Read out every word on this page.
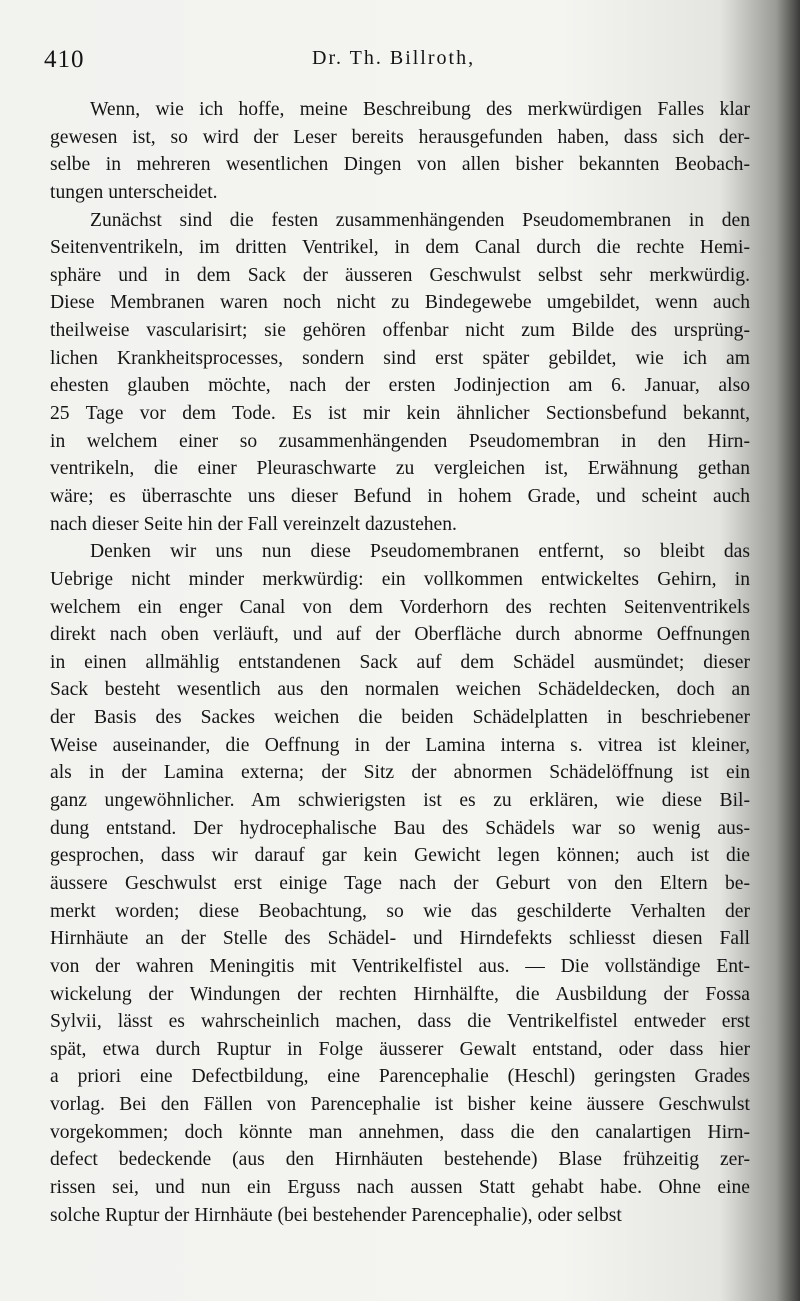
410	Dr. Th. Billroth,
Wenn, wie ich hoffe, meine Beschreibung des merkwürdigen Falles klar
gewesen ist, so wird der Leser bereits herausgefunden haben, dass sich der-
selbe in mehreren wesentlichen Dingen von allen bisher bekannten Beobach-
tungen unterscheidet.
Zunächst sind die festen zusammenhängenden Pseudomembranen in den
Seitenventrikeln, im dritten Ventrikel, in dem Canal durch die rechte Hemi-
sphäre und in dem Sack der äusseren Geschwulst selbst sehr merkwürdig.
Diese Membranen waren noch nicht zu Bindegewebe umgebildet, wenn auch
theilweise vascularisirt; sie gehören offenbar nicht zum Bilde des ursprüng-
lichen Krankheitsprocesses, sondern sind erst später gebildet, wie ich am
ehesten glauben möchte, nach der ersten Jodinjection am 6. Januar, also
25 Tage vor dem Tode. Es ist mir kein ähnlicher Sectionsbefund bekannt,
in welchem einer so zusammenhängenden Pseudomembran in den Hirn-
ventrikeln, die einer Pleuraschwarte zu vergleichen ist, Erwähnung gethan
wäre; es überraschte uns dieser Befund in hohem Grade, und scheint auch
nach dieser Seite hin der Fall vereinzelt dazustehen.
Denken wir uns nun diese Pseudomembranen entfernt, so bleibt das
Uebrige nicht minder merkwürdig: ein vollkommen entwickeltes Gehirn, in
welchem ein enger Canal von dem Vorderhorn des rechten Seitenventrikels
direkt nach oben verläuft, und auf der Oberfläche durch abnorme Oeffnungen
in einen allmählig entstandenen Sack auf dem Schädel ausmündet; dieser
Sack besteht wesentlich aus den normalen weichen Schädeldecken, doch an
der Basis des Sackes weichen die beiden Schädelplatten in beschriebener
Weise auseinander, die Oeffnung in der Lamina interna s. vitrea ist kleiner,
als in der Lamina externa; der Sitz der abnormen Schädelöffnung ist ein
ganz ungewöhnlicher. Am schwierigsten ist es zu erklären, wie diese Bil-
dung entstand. Der hydrocephalische Bau des Schädels war so wenig aus-
gesprochen, dass wir darauf gar kein Gewicht legen können; auch ist die
äussere Geschwulst erst einige Tage nach der Geburt von den Eltern be-
merkt worden; diese Beobachtung, so wie das geschilderte Verhalten der
Hirnhäute an der Stelle des Schädel- und Hirndefekts schliesst diesen Fall
von der wahren Meningitis mit Ventrikelfistel aus. — Die vollständige Ent-
wickelung der Windungen der rechten Hirnhälfte, die Ausbildung der Fossa
Sylvii, lässt es wahrscheinlich machen, dass die Ventrikelfistel entweder erst
spät, etwa durch Ruptur in Folge äusserer Gewalt entstand, oder dass hier
a priori eine Defectbildung, eine Parencephalie (Heschl) geringsten Grades
vorlag. Bei den Fällen von Parencephalie ist bisher keine äussere Geschwulst
vorgekommen; doch könnte man annehmen, dass die den canalartigen Hirn-
defect bedeckende (aus den Hirnhäuten bestehende) Blase frühzeitig zer-
rissen sei, und nun ein Erguss nach aussen Statt gehabt habe. Ohne eine
solche Ruptur der Hirnhäute (bei bestehender Parencephalie), oder selbst
